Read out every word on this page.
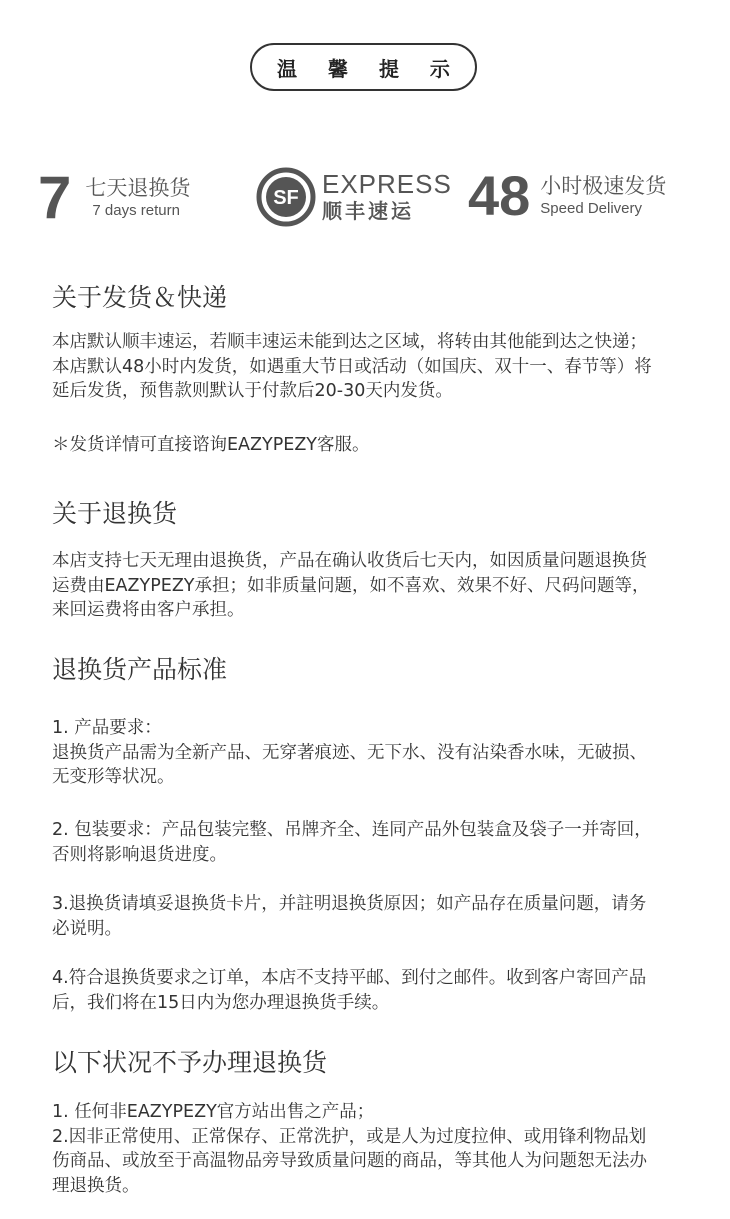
温 馨 提 示
7 七天退换货
7 days return
SF EXPRESS
顺丰速运 48 小时极速发货
Speed Delivery
关于发货＆快递
本店默认顺丰速运，若顺丰速运未能到达之区域，将转由其他能到达之快递；
本店默认48小时内发货，如遇重大节日或活动（如国庆、双十一、春节等）将
延后发货，预售款则默认于付款后20-30天内发货。
＊发货详情可直接谘询EAZYPEZY客服。
关于退换货
本店支持七天无理由退换货，产品在确认收货后七天内，如因质量问题退换货
运费由EAZYPEZY承担；如非质量问题，如不喜欢、效果不好、尺码问题等，
来回运费将由客户承担。
退换货产品标准
1. 产品要求：
退换货产品需为全新产品、无穿著痕迹、无下水、没有沾染香水味，无破损、
无变形等状况。
2. 包装要求：产品包装完整、吊牌齐全、连同产品外包装盒及袋子一并寄回，
否则将影响退货进度。
3.退换货请填妥退换货卡片，并註明退换货原因；如产品存在质量问题，请务
必说明。
4.符合退换货要求之订单，本店不支持平邮、到付之邮件。收到客户寄回产品
后，我们将在15日内为您办理退换货手续。
以下状况不予办理退换货
1. 任何非EAZYPEZY官方站出售之产品；
2.因非正常使用、正常保存、正常洗护，或是人为过度拉伸、或用锋利物品划
伤商品、或放至于高温物品旁导致质量问题的商品，等其他人为问题恕无法办
理退换货。
